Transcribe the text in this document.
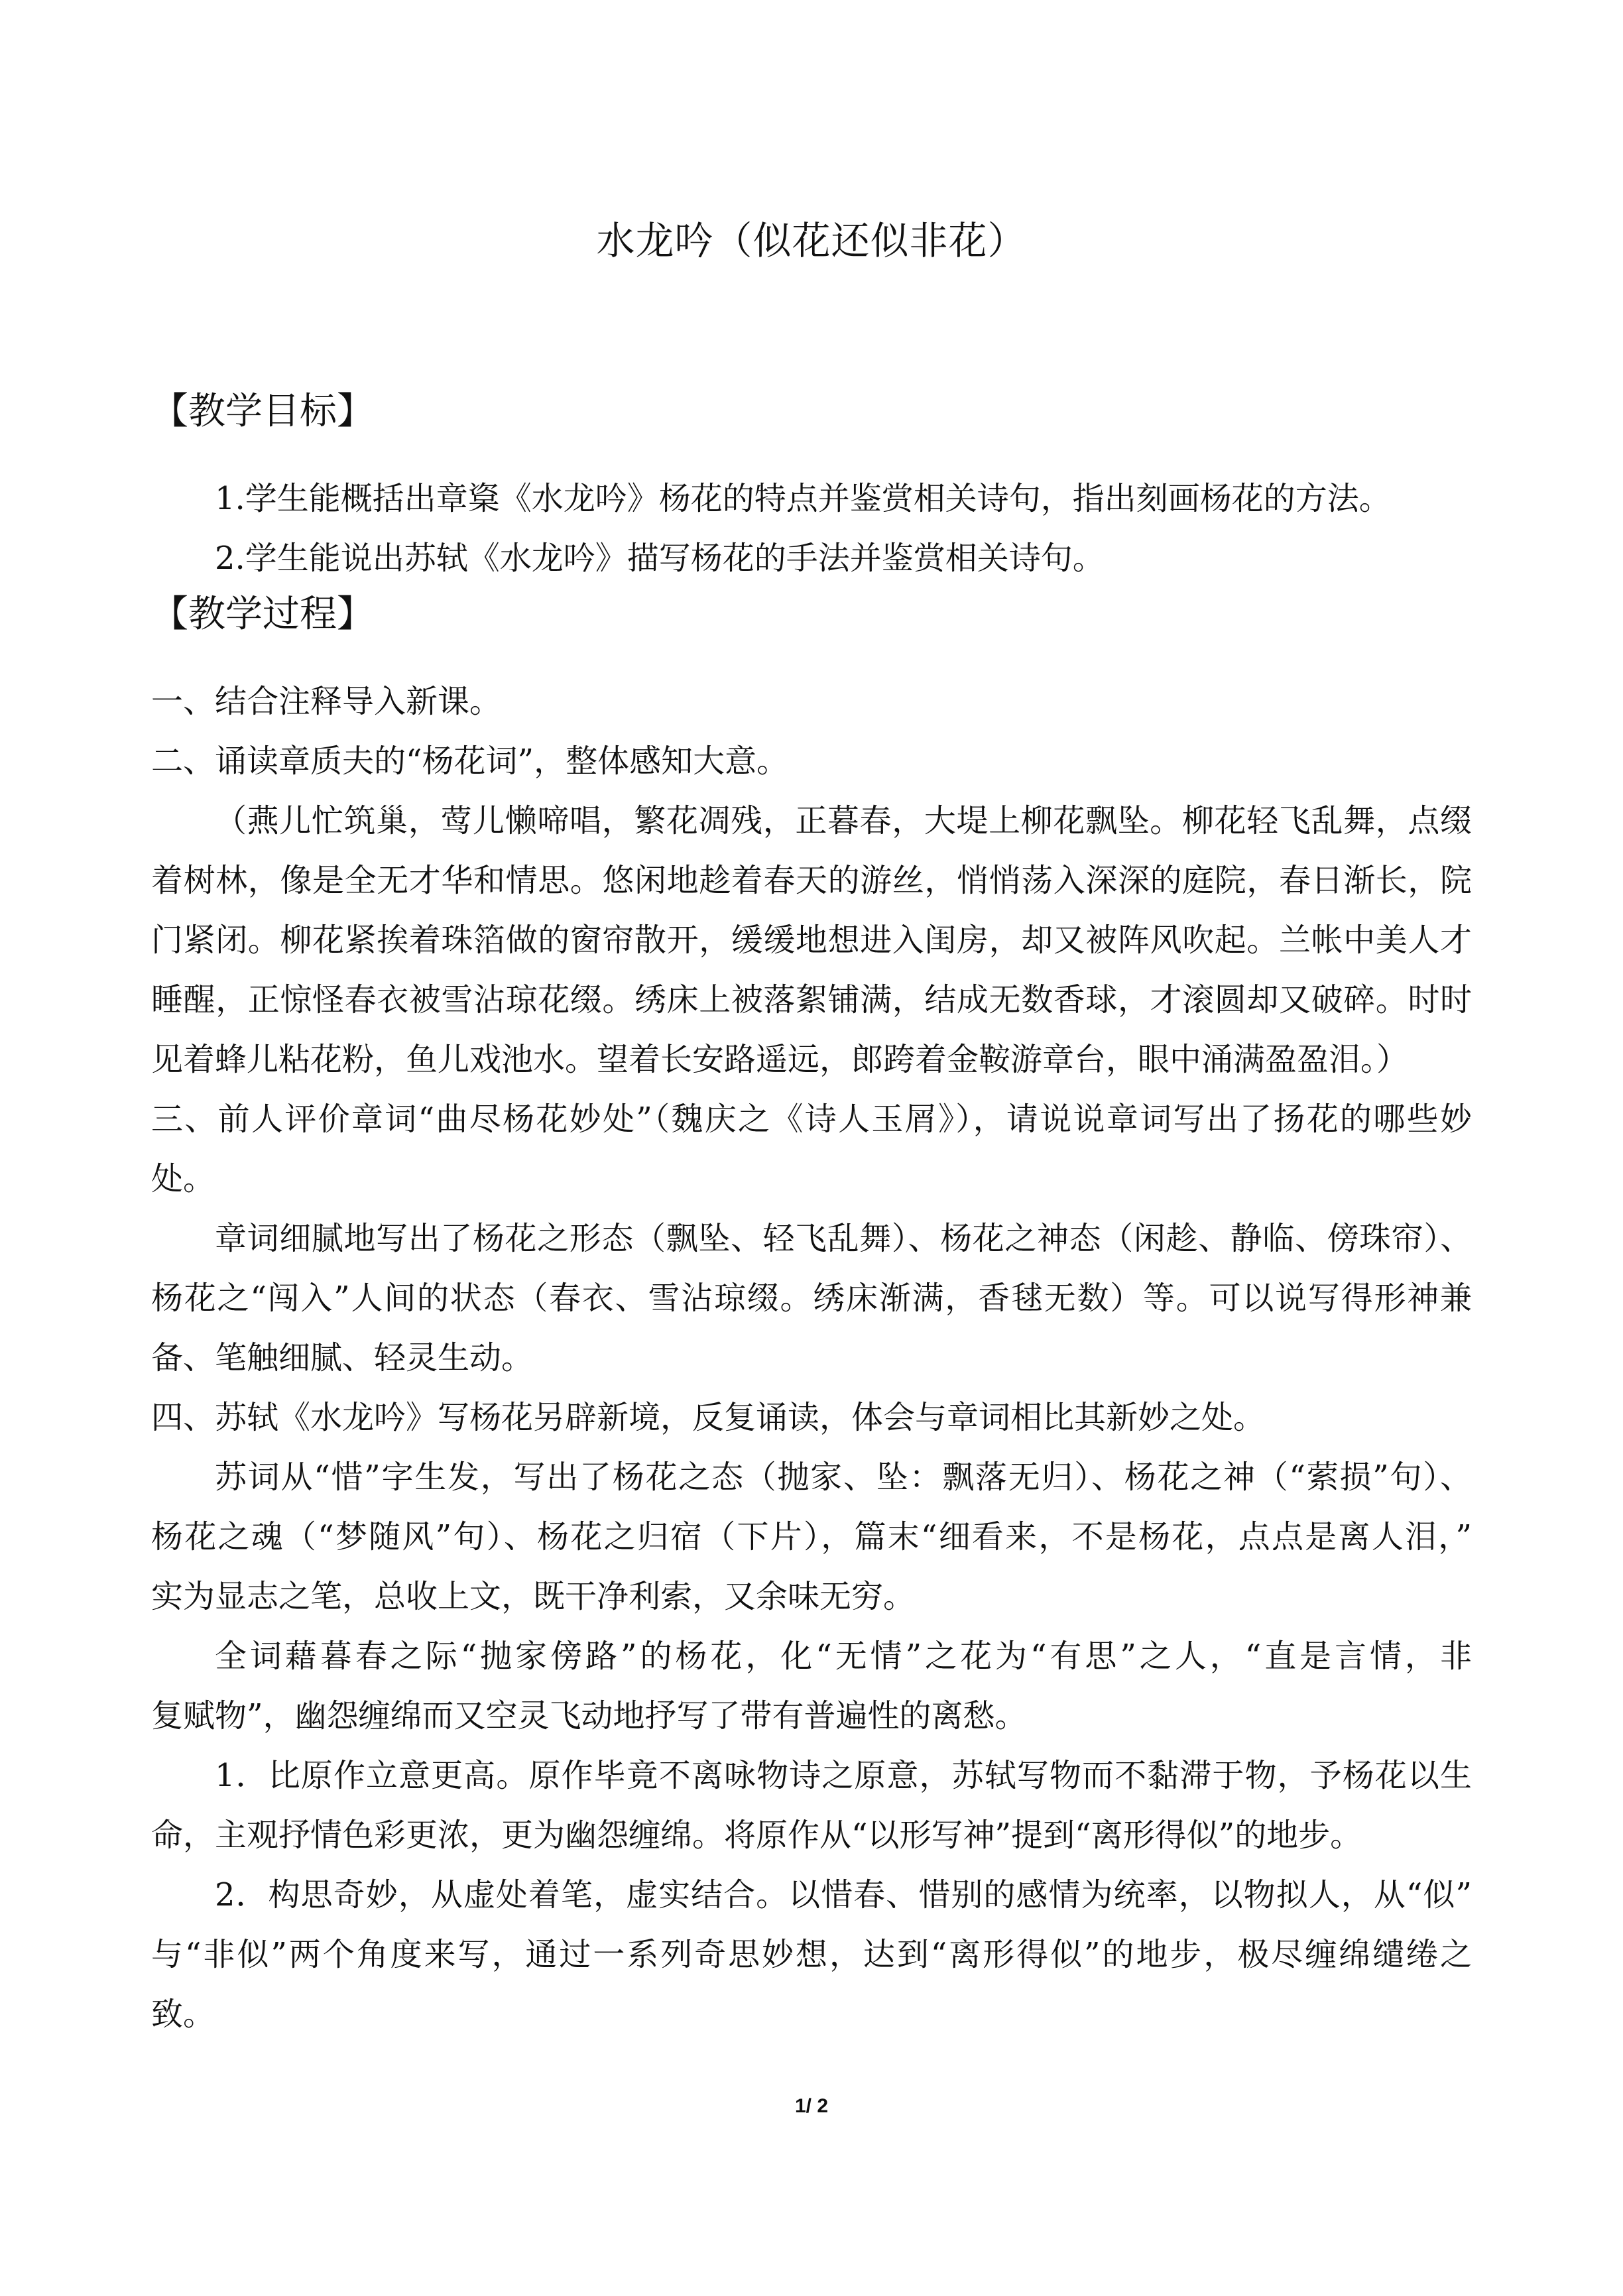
水龙吟（似花还似非花）
【教学目标】
1.学生能概括出章楶《水龙吟》杨花的特点并鉴赏相关诗句，指出刻画杨花的方法。
2.学生能说出苏轼《水龙吟》描写杨花的手法并鉴赏相关诗句。
【教学过程】
一、结合注释导入新课。
二、诵读章质夫的“杨花词”，整体感知大意。
（燕儿忙筑巢，莺儿懒啼唱，繁花凋残，正暮春，大堤上柳花飘坠。柳花轻飞乱舞，点缀
着树林，像是全无才华和情思。悠闲地趁着春天的游丝，悄悄荡入深深的庭院，春日渐长，院
门紧闭。柳花紧挨着珠箔做的窗帘散开，缓缓地想进入闺房，却又被阵风吹起。兰帐中美人才
睡醒，正惊怪春衣被雪沾琼花缀。绣床上被落絮铺满，结成无数香球，才滚圆却又破碎。时时
见着蜂儿粘花粉，鱼儿戏池水。望着长安路遥远，郎跨着金鞍游章台，眼中涌满盈盈泪。）
三、前人评价章词“曲尽杨花妙处”（魏庆之《诗人玉屑》），请说说章词写出了扬花的哪些妙
处。
章词细腻地写出了杨花之形态（飘坠、轻飞乱舞）、杨花之神态（闲趁、静临、傍珠帘）、
杨花之“闯入”人间的状态（春衣、雪沾琼缀。绣床渐满，香毬无数）等。可以说写得形神兼
备、笔触细腻、轻灵生动。
四、苏轼《水龙吟》写杨花另辟新境，反复诵读，体会与章词相比其新妙之处。
苏词从“惜”字生发，写出了杨花之态（抛家、坠：飘落无归）、杨花之神（“萦损”句）、
杨花之魂（“梦随风”句）、杨花之归宿（下片），篇末“细看来，不是杨花，点点是离人泪，”
实为显志之笔，总收上文，既干净利索，又余味无穷。
全词藉暮春之际“抛家傍路”的杨花，化“无情”之花为“有思”之人，“直是言情，非
复赋物”，幽怨缠绵而又空灵飞动地抒写了带有普遍性的离愁。
1．比原作立意更高。原作毕竟不离咏物诗之原意，苏轼写物而不黏滞于物，予杨花以生
命，主观抒情色彩更浓，更为幽怨缠绵。将原作从“以形写神”提到“离形得似”的地步。
2．构思奇妙，从虚处着笔，虚实结合。以惜春、惜别的感情为统率，以物拟人，从“似”
与“非似”两个角度来写，通过一系列奇思妙想，达到“离形得似”的地步，极尽缠绵缱绻之
致。
1/ 2
